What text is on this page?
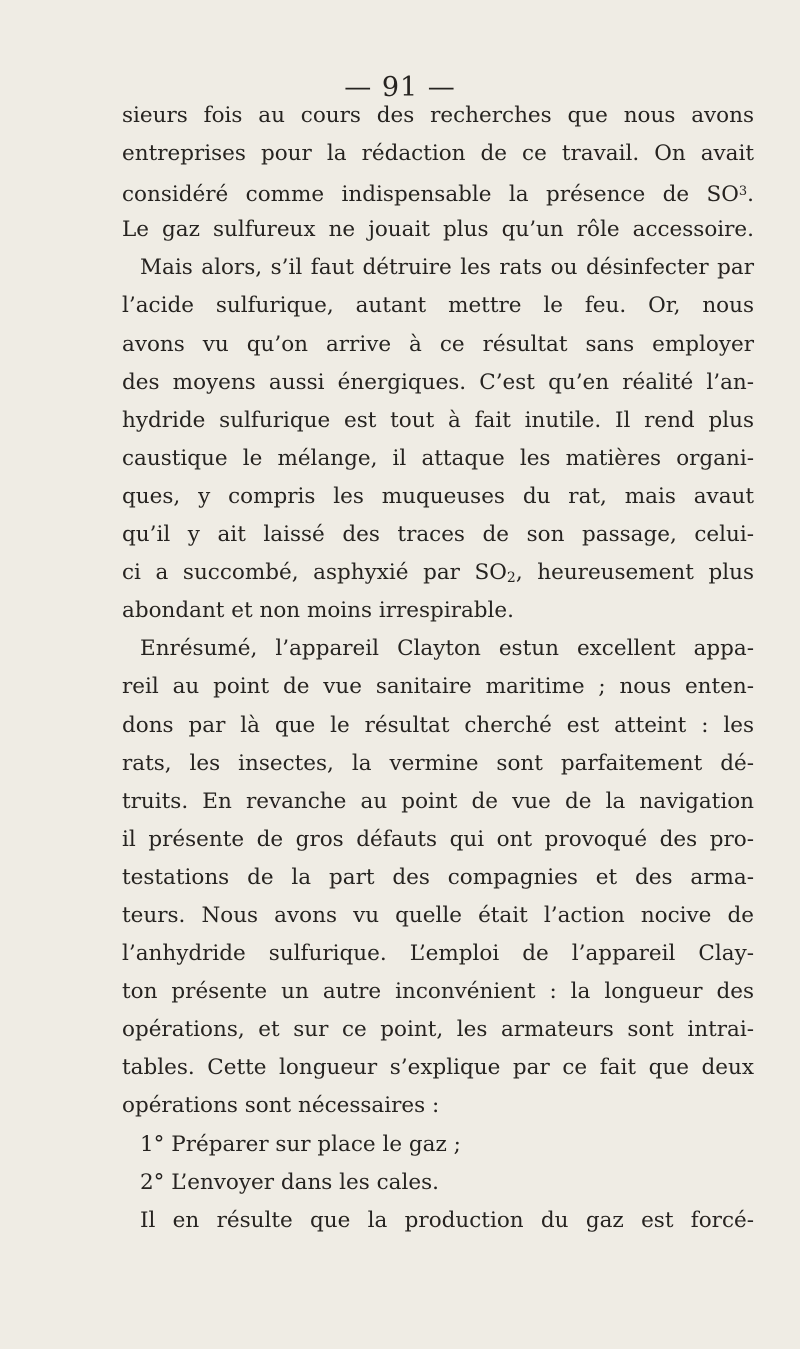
— 91 —
sieurs fois au cours des recherches que nous avons
entreprises pour la rédaction de ce travail. On avait
considéré comme indispensable la présence de $SO^3$.
Le gaz sulfureux ne jouait plus qu’un rôle accessoire.
Mais alors, s’il faut détruire les rats ou désinfecter par
l’acide sulfurique, autant mettre le feu. Or, nous
avons vu qu’on arrive à ce résultat sans employer
des moyens aussi énergiques. C’est qu’en réalité l’an-
hydride sulfurique est tout à fait inutile. Il rend plus
caustique le mélange, il attaque les matières organi-
ques, y compris les muqueuses du rat, mais avaut
qu’il y ait laissé des traces de son passage, celui-
ci a succombé, asphyxié par $SO_2$, heureusement plus
abondant et non moins irrespirable.
Enrésumé, l’appareil Clayton estun excellent appa-
reil au point de vue sanitaire maritime ; nous enten-
dons par là que le résultat cherché est atteint : les
rats, les insectes, la vermine sont parfaitement dé-
truits. En revanche au point de vue de la navigation
il présente de gros défauts qui ont provoqué des pro-
testations de la part des compagnies et des arma-
teurs. Nous avons vu quelle était l’action nocive de
l’anhydride sulfurique. L’emploi de l’appareil Clay-
ton présente un autre inconvénient : la longueur des
opérations, et sur ce point, les armateurs sont intrai-
tables. Cette longueur s’explique par ce fait que deux
opérations sont nécessaires :
1° Préparer sur place le gaz ;
2° L’envoyer dans les cales.
Il en résulte que la production du gaz est forcé-
